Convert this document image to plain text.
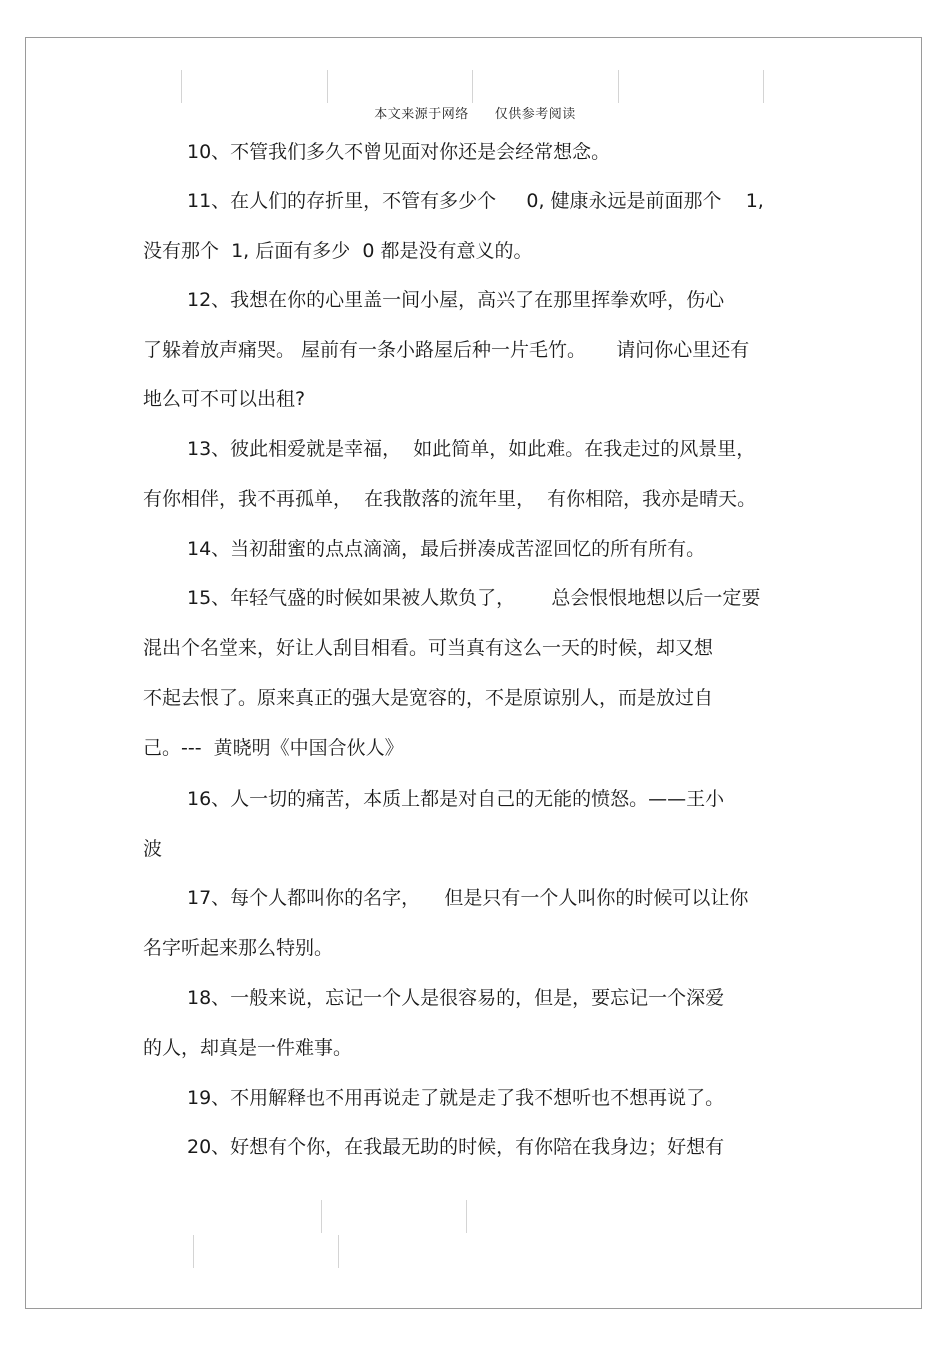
本文来源于网络 仅供参考阅读
10、不管我们多久不曾见面对你还是会经常想念。
11、在人们的存折里，不管有多少个     0, 健康永远是前面那个    1,
没有那个  1, 后面有多少  0 都是没有意义的。
12、我想在你的心里盖一间小屋，高兴了在那里挥拳欢呼，伤心
了躲着放声痛哭。 屋前有一条小路屋后种一片毛竹。     请问你心里还有
地么可不可以出租?
13、彼此相爱就是幸福，  如此简单，如此难。在我走过的风景里，
有你相伴，我不再孤单，  在我散落的流年里，  有你相陪，我亦是晴天。
14、当初甜蜜的点点滴滴，最后拼凑成苦涩回忆的所有所有。
15、年轻气盛的时候如果被人欺负了，      总会恨恨地想以后一定要
混出个名堂来，好让人刮目相看。可当真有这么一天的时候，却又想
不起去恨了。原来真正的强大是宽容的，不是原谅别人，而是放过自
己。---  黄晓明《中国合伙人》
16、人一切的痛苦，本质上都是对自己的无能的愤怒。——王小
波
17、每个人都叫你的名字，    但是只有一个人叫你的时候可以让你
名字听起来那么特别。
18、一般来说，忘记一个人是很容易的，但是，要忘记一个深爱
的人，却真是一件难事。
19、不用解释也不用再说走了就是走了我不想听也不想再说了。
20、好想有个你，在我最无助的时候，有你陪在我身边；好想有
